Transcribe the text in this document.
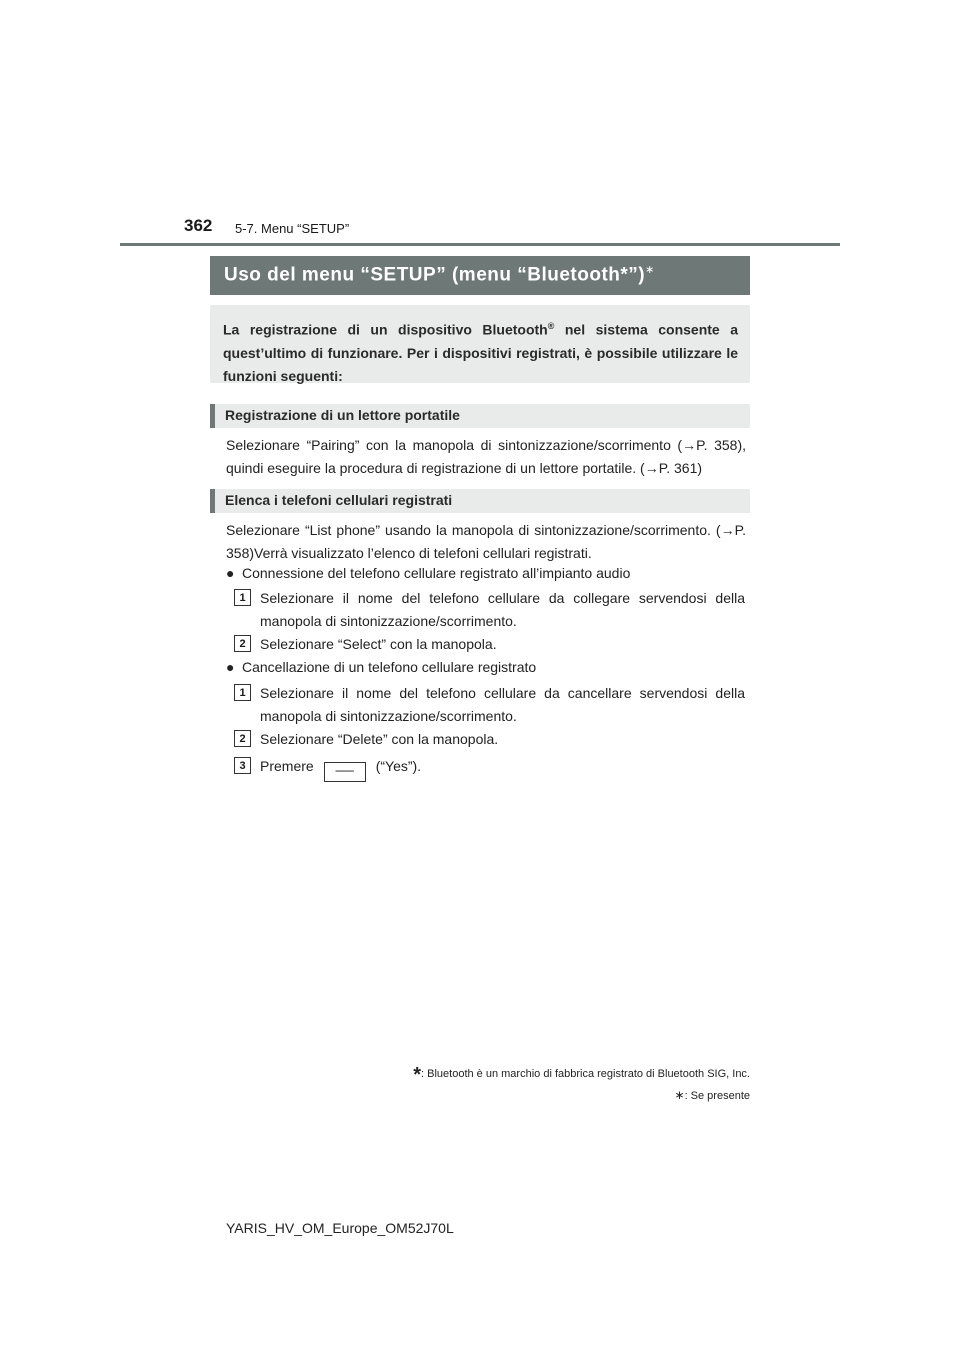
362 5-7. Menu “SETUP”
Uso del menu “SETUP” (menu “Bluetooth*”)∗
La registrazione di un dispositivo Bluetooth® nel sistema consente a quest’ultimo di funzionare. Per i dispositivi registrati, è possibile utilizzare le funzioni seguenti:
Registrazione di un lettore portatile
Selezionare “Pairing” con la manopola di sintonizzazione/scorrimento (→P. 358), quindi eseguire la procedura di registrazione di un lettore portatile. (→P. 361)
Elenca i telefoni cellulari registrati
Selezionare “List phone” usando la manopola di sintonizzazione/scorrimento. (→P. 358)Verrà visualizzato l’elenco di telefoni cellulari registrati.
● Connessione del telefono cellulare registrato all’impianto audio
1	Selezionare il nome del telefono cellulare da collegare servendosi della manopola di sintonizzazione/scorrimento.
2	Selezionare “Select” con la manopola.
● Cancellazione di un telefono cellulare registrato
1	Selezionare il nome del telefono cellulare da cancellare servendosi della manopola di sintonizzazione/scorrimento.
2	Selezionare “Delete” con la manopola.
3	Premere ── (“Yes”).
*: Bluetooth è un marchio di fabbrica registrato di Bluetooth SIG, Inc.
∗: Se presente
YARIS_HV_OM_Europe_OM52J70L
